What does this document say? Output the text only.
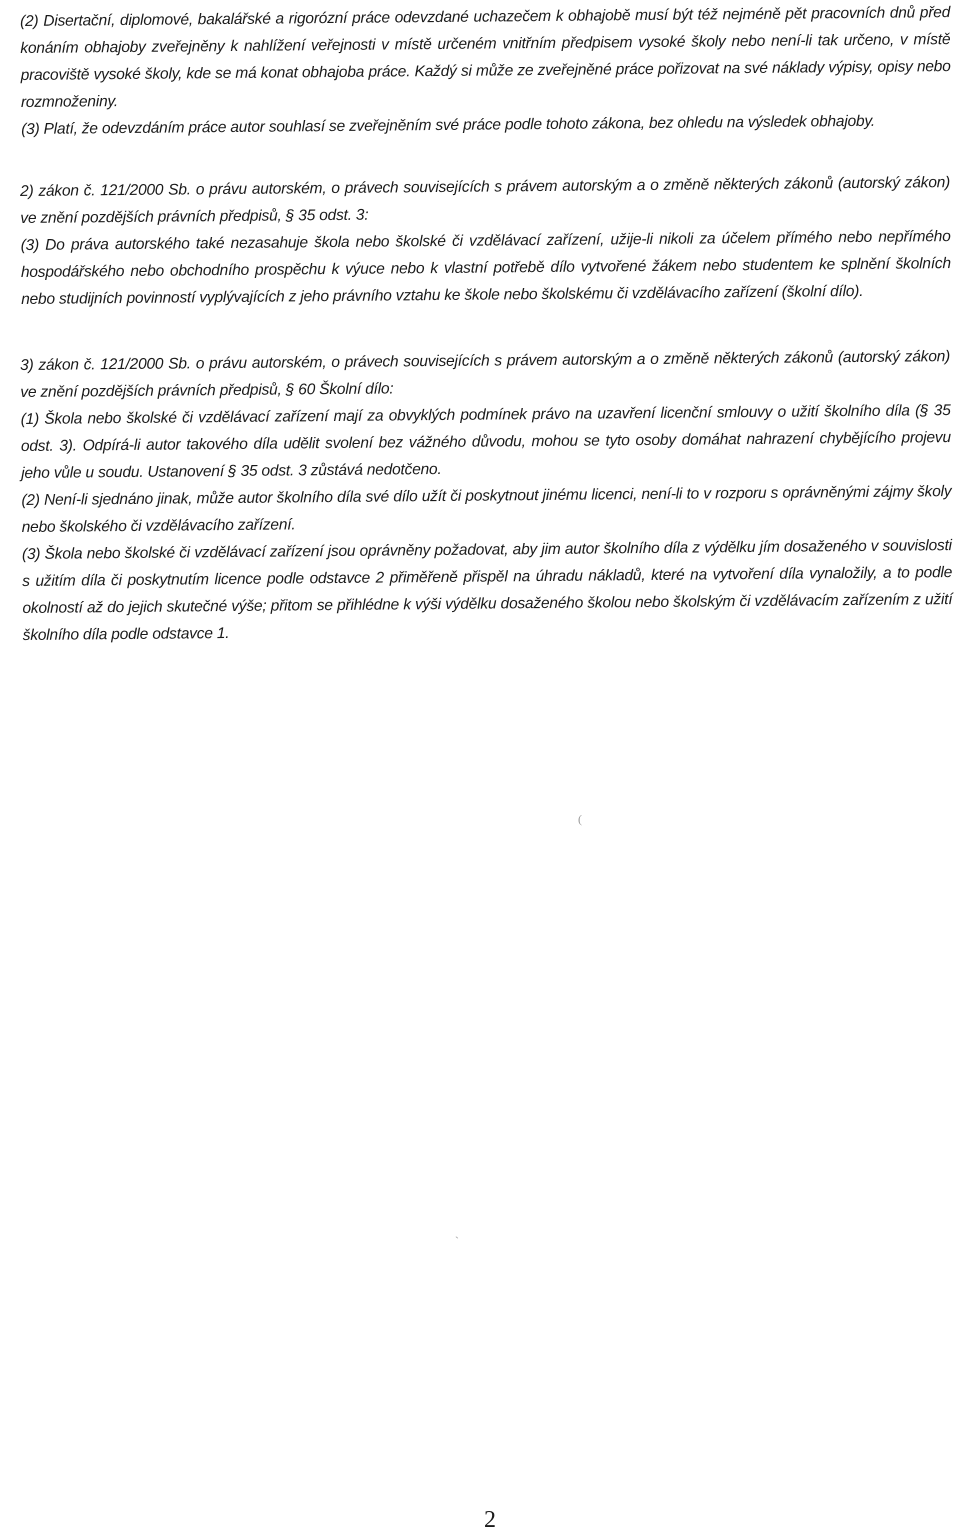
(2) Disertační, diplomové, bakalářské a rigorózní práce odevzdané uchazečem k obhajobě musí být též nejméně pět pracovních dnů před konáním obhajoby zveřejněny k nahlížení veřejnosti v místě určeném vnitřním předpisem vysoké školy nebo není-li tak určeno, v místě pracoviště vysoké školy, kde se má konat obhajoba práce. Každý si může ze zveřejněné práce pořizovat na své náklady výpisy, opisy nebo rozmnoženiny.

(3) Platí, že odevzdáním práce autor souhlasí se zveřejněním své práce podle tohoto zákona, bez ohledu na výsledek obhajoby.

2) zákon č. 121/2000 Sb. o právu autorském, o právech souvisejících s právem autorským a o změně některých zákonů (autorský zákon) ve znění pozdějších právních předpisů, § 35 odst. 3:

(3) Do práva autorského také nezasahuje škola nebo školské či vzdělávací zařízení, užije-li nikoli za účelem přímého nebo nepřímého hospodářského nebo obchodního prospěchu k výuce nebo k vlastní potřebě dílo vytvořené žákem nebo studentem ke splnění školních nebo studijních povinností vyplývajících z jeho právního vztahu ke škole nebo školskému či vzdělávacího zařízení (školní dílo).

3) zákon č. 121/2000 Sb. o právu autorském, o právech souvisejících s právem autorským a o změně některých zákonů (autorský zákon) ve znění pozdějších právních předpisů, § 60 Školní dílo:

(1) Škola nebo školské či vzdělávací zařízení mají za obvyklých podmínek právo na uzavření licenční smlouvy o užití školního díla (§ 35 odst. 3). Odpírá-li autor takového díla udělit svolení bez vážného důvodu, mohou se tyto osoby domáhat nahrazení chybějícího projevu jeho vůle u soudu. Ustanovení § 35 odst. 3 zůstává nedotčeno.

(2) Není-li sjednáno jinak, může autor školního díla své dílo užít či poskytnout jinému licenci, není-li to v rozporu s oprávněnými zájmy školy nebo školského či vzdělávacího zařízení.

(3) Škola nebo školské či vzdělávací zařízení jsou oprávněny požadovat, aby jim autor školního díla z výdělku jím dosaženého v souvislosti s užitím díla či poskytnutím licence podle odstavce 2 přiměřeně přispěl na úhradu nákladů, které na vytvoření díla vynaložily, a to podle okolností až do jejich skutečné výše; přitom se přihlédne k výši výdělku dosaženého školou nebo školským či vzdělávacím zařízením z užití školního díla podle odstavce 1.

(
ˋ
2
